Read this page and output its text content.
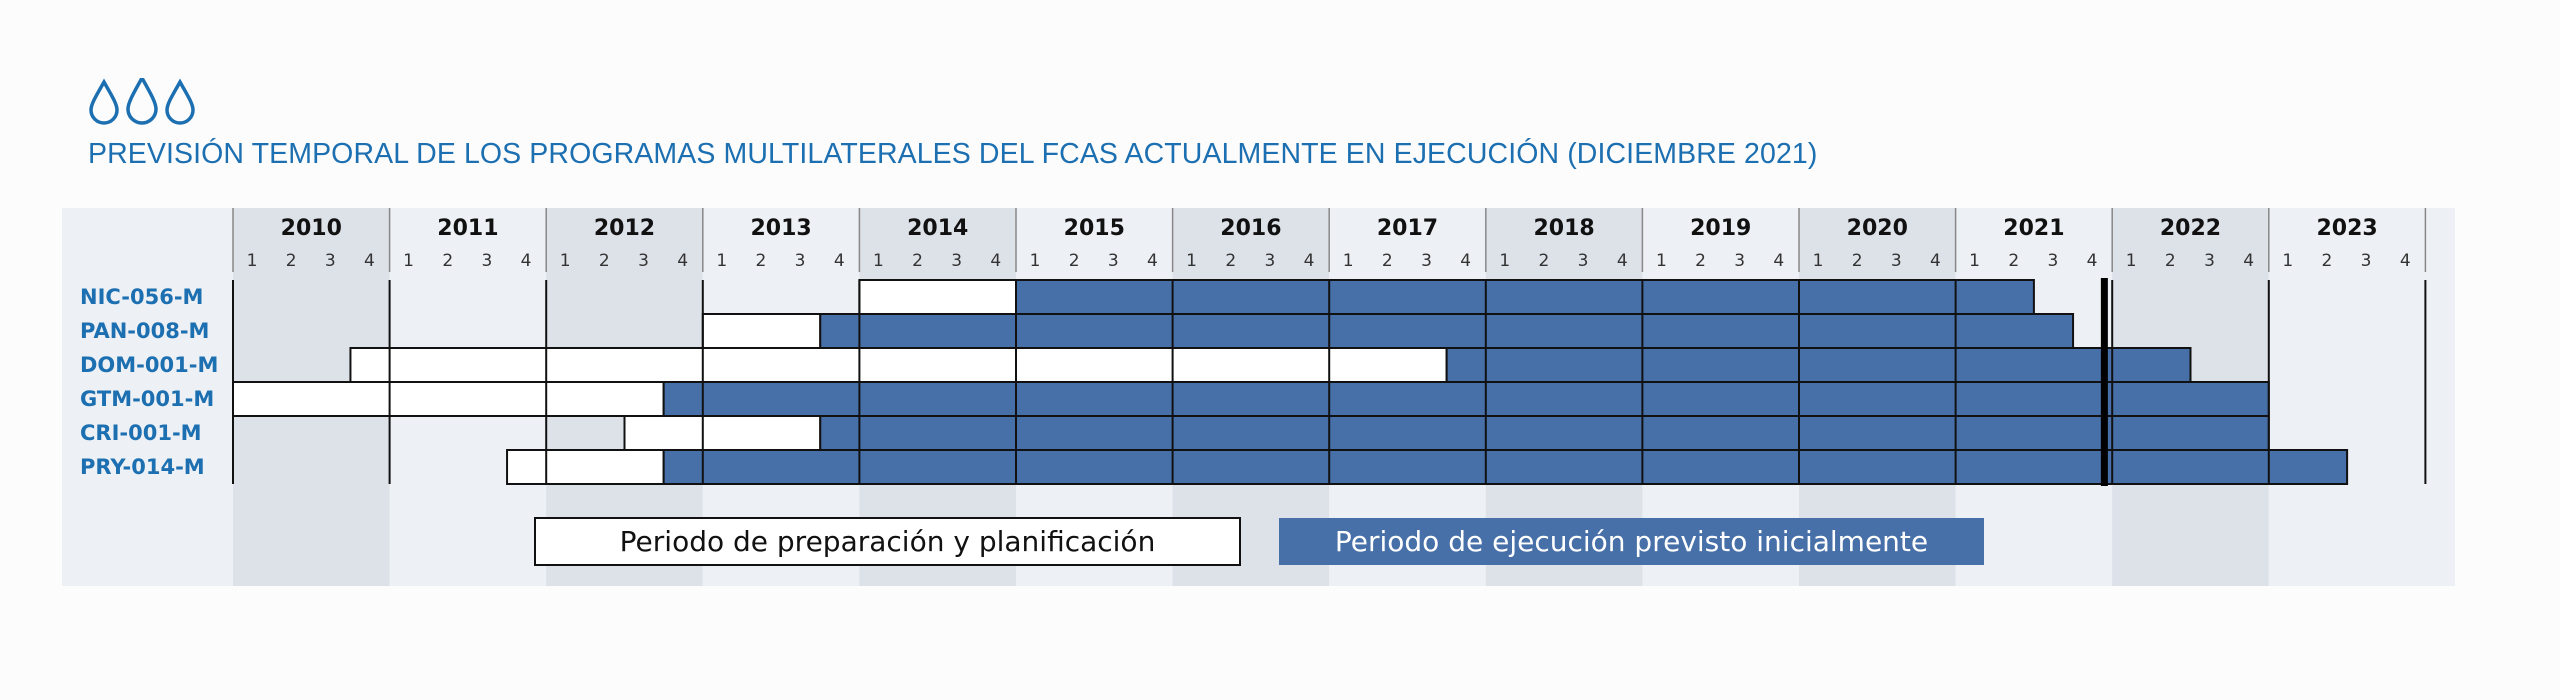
PREVISIÓN TEMPORAL DE LOS PROGRAMAS MULTILATERALES DEL FCAS ACTUALMENTE EN EJECUCIÓN (DICIEMBRE 2021)
2010
1 2 3 4
2011
1 2 3 4
2012
1 2 3 4
2013
1 2 3 4
2014
1 2 3 4
2015
1 2 3 4
2016
1 2 3 4
2017
1 2 3 4
2018
1 2 3 4
2019
1 2 3 4
2020
1 2 3 4
2021
1 2 3 4
2022
1 2 3 4
2023
1 2 3 4
NIC-056-M
PAN-008-M
DOM-001-M
GTM-001-M
CRI-001-M
PRY-014-M
Periodo de preparación y planificación	Periodo de ejecución previsto inicialmente
